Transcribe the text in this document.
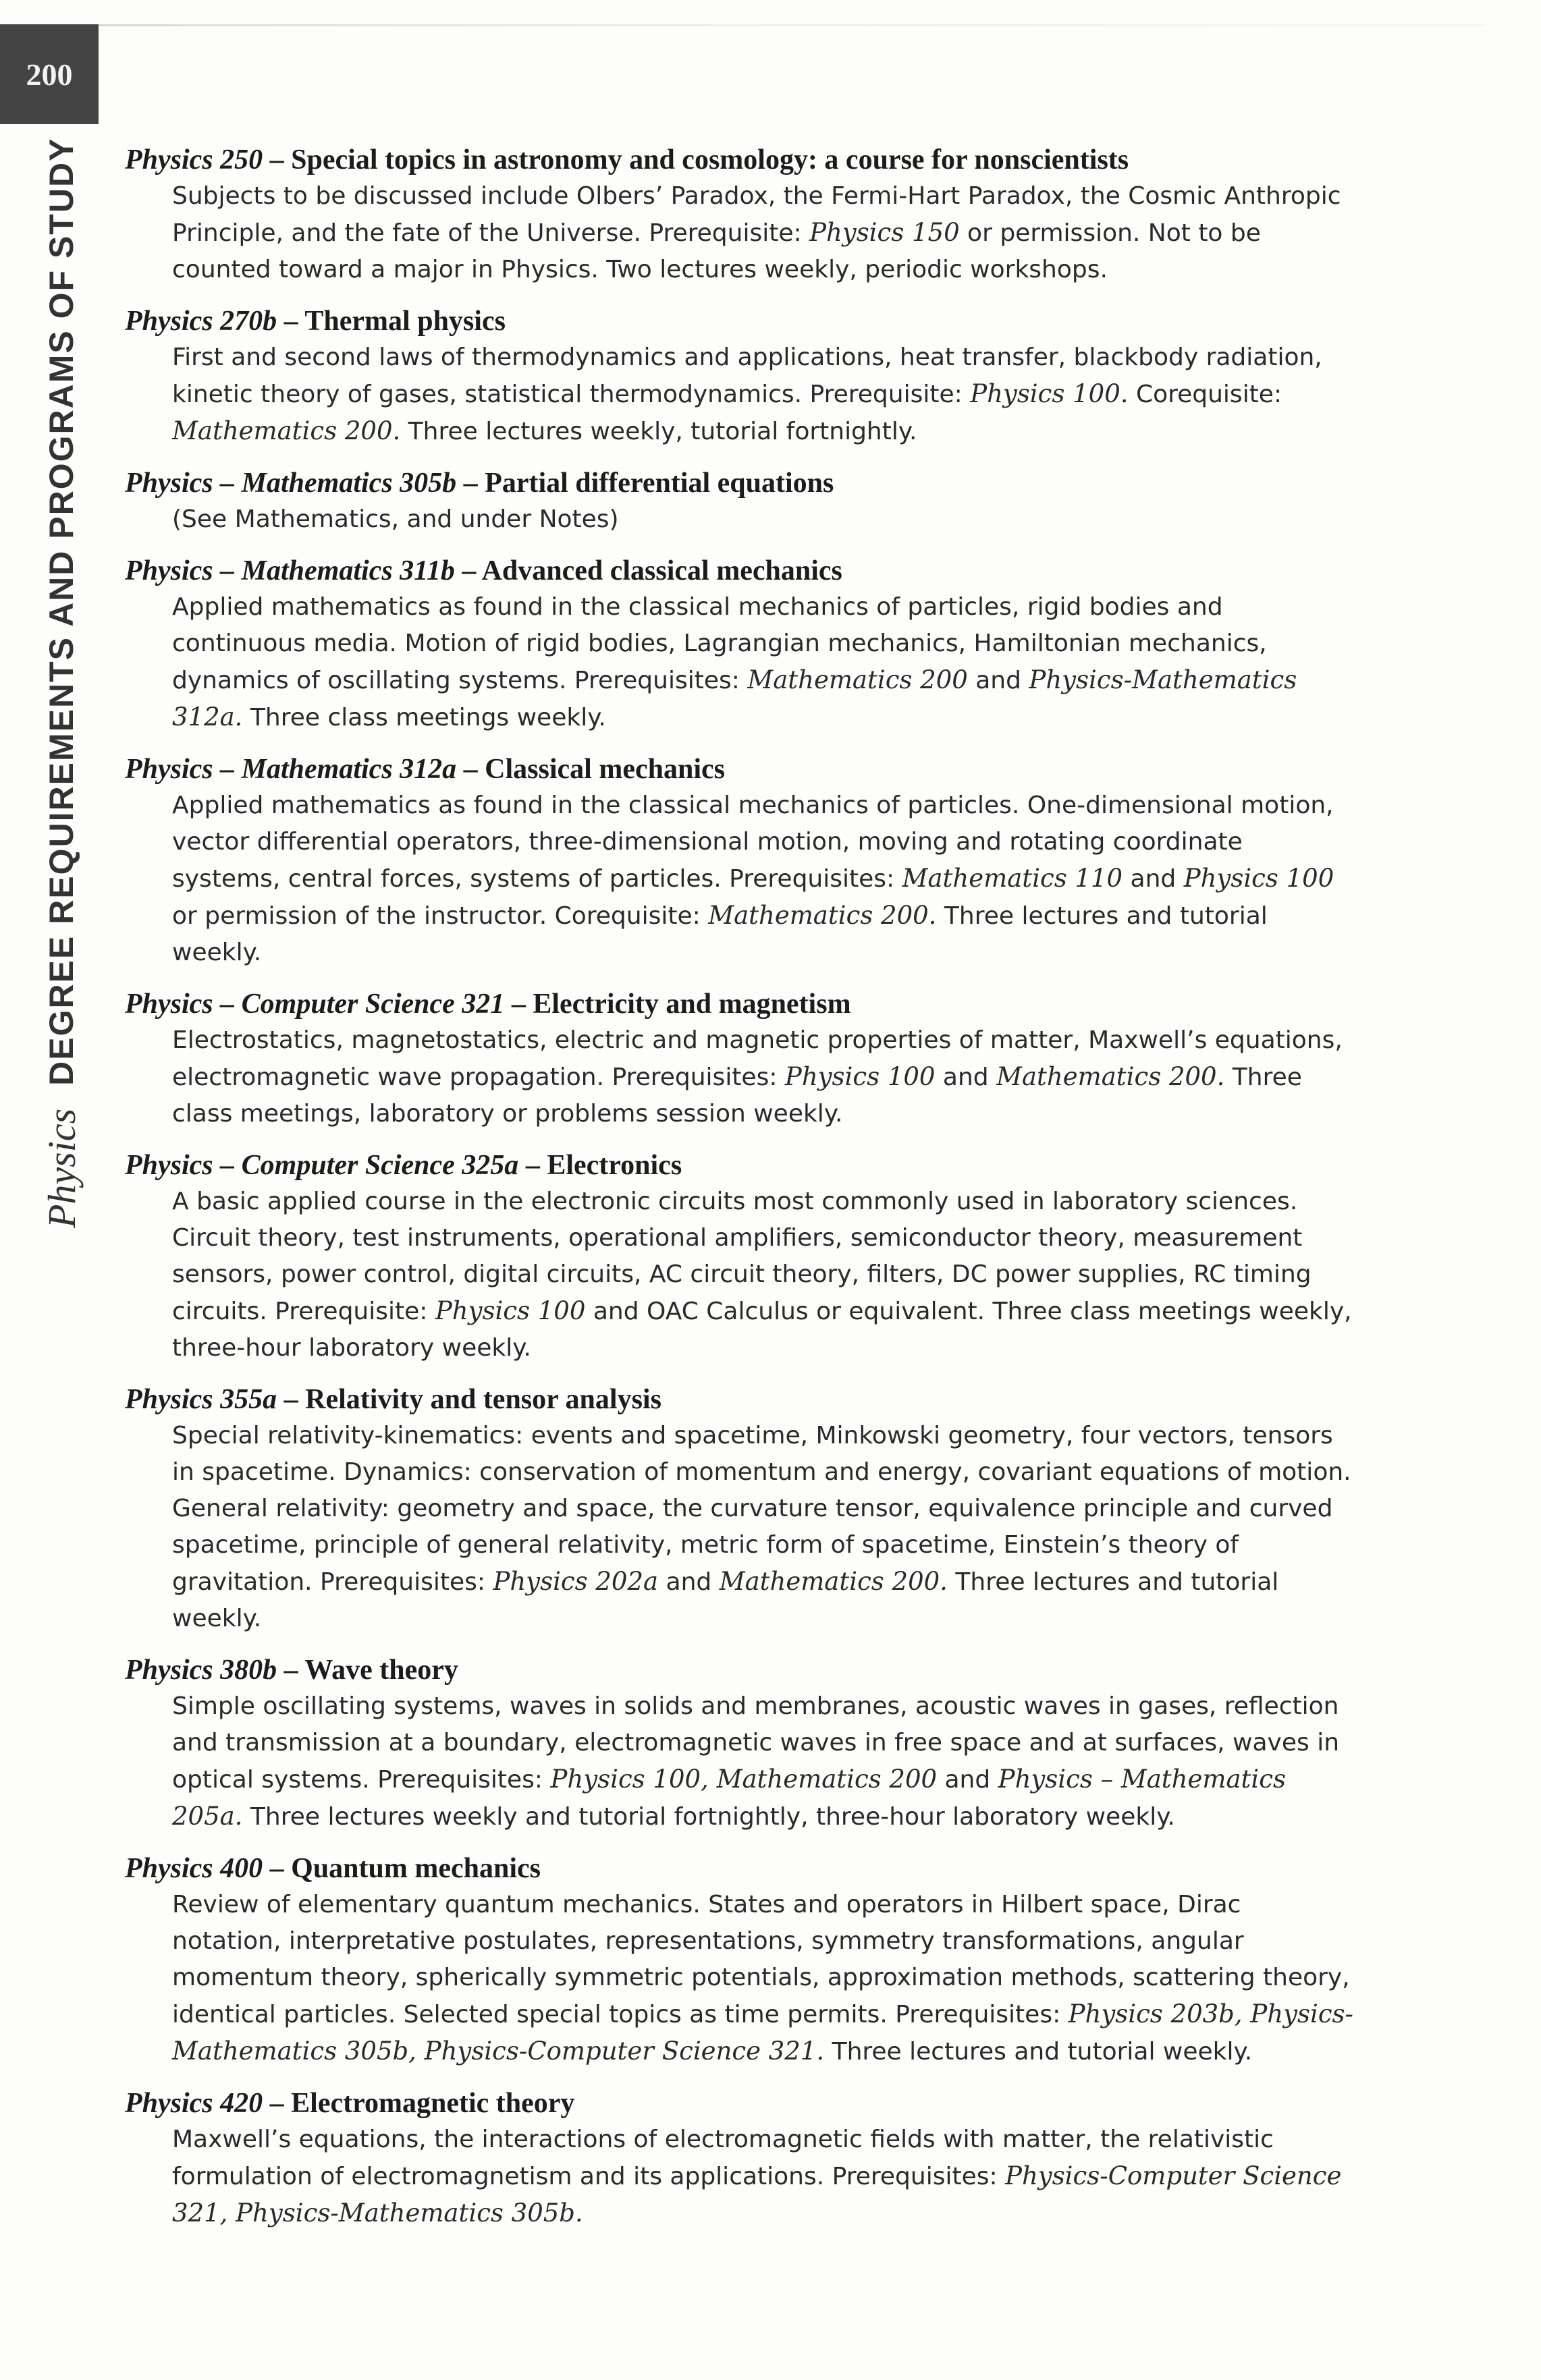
200
Physics
DEGREE REQUIREMENTS AND PROGRAMS OF STUDY Physics 250 – Special topics in astronomy and cosmology: a course for nonscientists
Subjects to be discussed include Olbers’ Paradox, the Fermi-Hart Paradox, the Cosmic Anthropic Principle, and the fate of the Universe. Prerequisite: Physics 150 or permission. Not to be counted toward a major in Physics. Two lectures weekly, periodic workshops.
Physics 270b – Thermal physics
First and second laws of thermodynamics and applications, heat transfer, blackbody radiation, kinetic theory of gases, statistical thermodynamics. Prerequisite: Physics 100. Corequisite: Mathematics 200. Three lectures weekly, tutorial fortnightly.
Physics – Mathematics 305b – Partial differential equations
(See Mathematics, and under Notes)
Physics – Mathematics 311b – Advanced classical mechanics
Applied mathematics as found in the classical mechanics of particles, rigid bodies and continuous media. Motion of rigid bodies, Lagrangian mechanics, Hamiltonian mechanics, dynamics of oscillating systems. Prerequisites: Mathematics 200 and Physics-Mathematics 312a. Three class meetings weekly.
Physics – Mathematics 312a – Classical mechanics
Applied mathematics as found in the classical mechanics of particles. One-dimensional motion, vector differential operators, three-dimensional motion, moving and rotating coordinate systems, central forces, systems of particles. Prerequisites: Mathematics 110 and Physics 100 or permission of the instructor. Corequisite: Mathematics 200. Three lectures and tutorial weekly.
Physics – Computer Science 321 – Electricity and magnetism
Electrostatics, magnetostatics, electric and magnetic properties of matter, Maxwell’s equations, electromagnetic wave propagation. Prerequisites: Physics 100 and Mathematics 200. Three class meetings, laboratory or problems session weekly.
Physics – Computer Science 325a – Electronics
A basic applied course in the electronic circuits most commonly used in laboratory sciences. Circuit theory, test instruments, operational amplifiers, semiconductor theory, measurement sensors, power control, digital circuits, AC circuit theory, filters, DC power supplies, RC timing circuits. Prerequisite: Physics 100 and OAC Calculus or equivalent. Three class meetings weekly, three-hour laboratory weekly.
Physics 355a – Relativity and tensor analysis
Special relativity-kinematics: events and spacetime, Minkowski geometry, four vectors, tensors in spacetime. Dynamics: conservation of momentum and energy, covariant equations of motion. General relativity: geometry and space, the curvature tensor, equivalence principle and curved spacetime, principle of general relativity, metric form of spacetime, Einstein’s theory of gravitation. Prerequisites: Physics 202a and Mathematics 200. Three lectures and tutorial weekly.
Physics 380b – Wave theory
Simple oscillating systems, waves in solids and membranes, acoustic waves in gases, reflection and transmission at a boundary, electromagnetic waves in free space and at surfaces, waves in optical systems. Prerequisites: Physics 100, Mathematics 200 and Physics – Mathematics 205a. Three lectures weekly and tutorial fortnightly, three-hour laboratory weekly.
Physics 400 – Quantum mechanics
Review of elementary quantum mechanics. States and operators in Hilbert space, Dirac notation, interpretative postulates, representations, symmetry transformations, angular momentum theory, spherically symmetric potentials, approximation methods, scattering theory, identical particles. Selected special topics as time permits. Prerequisites: Physics 203b, Physics-Mathematics 305b, Physics-Computer Science 321. Three lectures and tutorial weekly.
Physics 420 – Electromagnetic theory
Maxwell’s equations, the interactions of electromagnetic fields with matter, the relativistic formulation of electromagnetism and its applications. Prerequisites: Physics-Computer Science 321, Physics-Mathematics 305b.
